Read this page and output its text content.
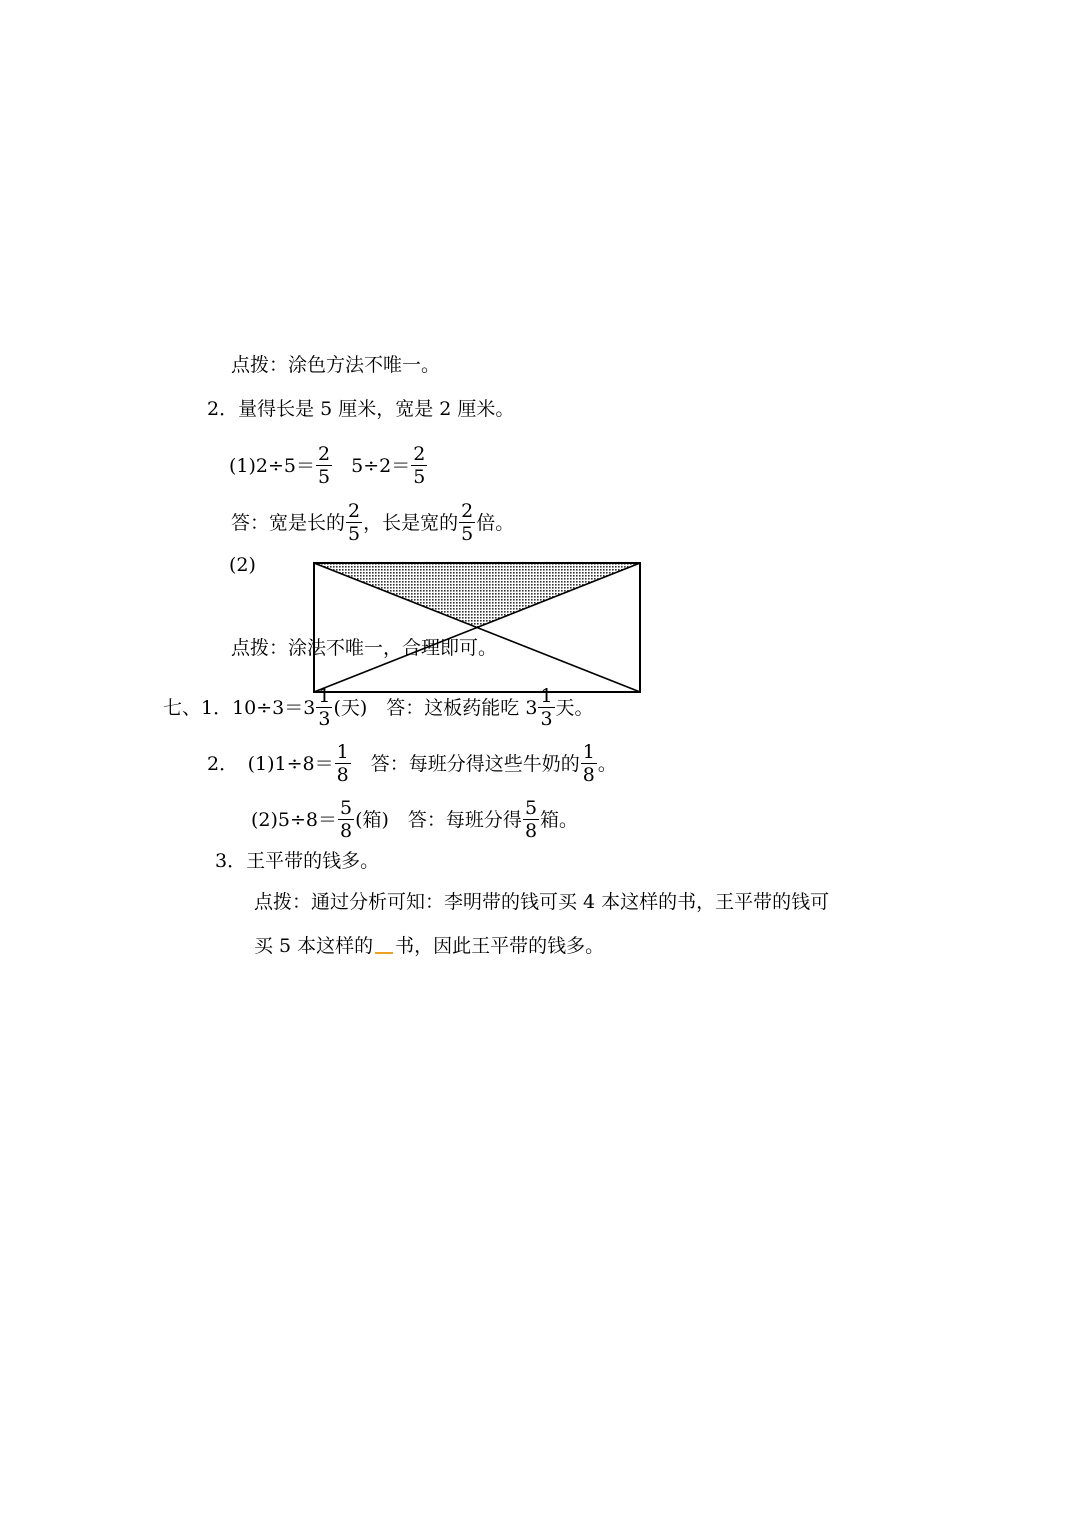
点拨：涂色方法不唯一。
2．量得长是 5 厘米，宽是 2 厘米。
$(1)2\div 5= \frac{2}{5} 5\div 2= \frac{2}{5}$
答：宽是长的 $\frac{2}{5}$ ，长是宽的 $\frac{2}{5}$ 倍。
(2)
点拨：涂法不唯一，合理即可。
七、1．$10\div 3=3 \frac{1}{3}$ (天)　答：这板药能吃 $3 \frac{1}{3}$ 天。
2．　$(1)1\div 8= \frac{1}{8}$ 　答：每班分得这些牛奶的 $\frac{1}{8}$ 。
$(2)5\div 8= \frac{5}{8}$ (箱)　答：每班分得 $\frac{5}{8}$ 箱。
3．王平带的钱多。
点拨：通过分析可知：李明带的钱可买 4 本这样的书，王平带的钱可
买 5 本这样的 书，因此王平带的钱多。
